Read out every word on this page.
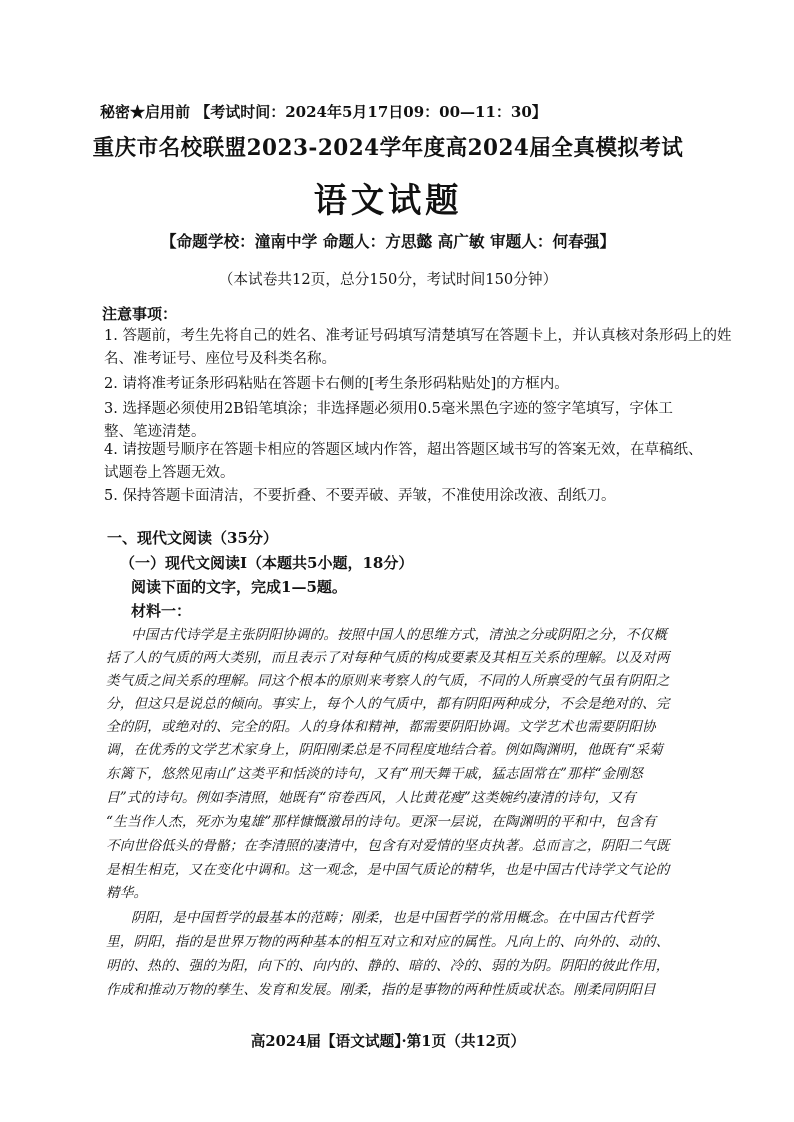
秘密★启用前 【考试时间：2024年5月17日09：00—11：30】

重庆市名校联盟2023-2024学年度高2024届全真模拟考试

语文试题

【命题学校：潼南中学 命题人：方思懿 高广敏 审题人：何春强】

（本试卷共12页，总分150分，考试时间150分钟）

注意事项：

1. 答题前，考生先将自己的姓名、准考证号码填写清楚填写在答题卡上，并认真核对条形码上的姓

名、准考证号、座位号及科类名称。

2. 请将准考证条形码粘贴在答题卡右侧的[考生条形码粘贴处]的方框内。

3. 选择题必须使用2B铅笔填涂；非选择题必须用0.5毫米黑色字迹的签字笔填写，字体工

整、笔迹清楚。

4. 请按题号顺序在答题卡相应的答题区域内作答，超出答题区域书写的答案无效，在草稿纸、

试题卷上答题无效。

5. 保持答题卡面清洁，不要折叠、不要弄破、弄皱，不准使用涂改液、刮纸刀。

一、现代文阅读（35分）

（一）现代文阅读Ⅰ（本题共5小题，18分）

阅读下面的文字，完成1—5题。

材料一：

中国古代诗学是主张阴阳协调的。按照中国人的思维方式，清浊之分或阴阳之分，不仅概

括了人的气质的两大类别，而且表示了对每种气质的构成要素及其相互关系的理解。以及对两

类气质之间关系的理解。同这个根本的原则来考察人的气质，不同的人所禀受的气虽有阴阳之

分，但这只是说总的倾向。事实上，每个人的气质中，都有阴阳两种成分，不会是绝对的、完

全的阴，或绝对的、完全的阳。人的身体和精神，都需要阴阳协调。文学艺术也需要阴阳协

调，在优秀的文学艺术家身上，阴阳刚柔总是不同程度地结合着。例如陶渊明，他既有“采菊

东篱下，悠然见南山”这类平和恬淡的诗句，又有“刑天舞干戚，猛志固常在”那样“金刚怒

目”式的诗句。例如李清照，她既有“帘卷西风，人比黄花瘦”这类婉约凄清的诗句，又有

“生当作人杰，死亦为鬼雄”那样慷慨激昂的诗句。更深一层说，在陶渊明的平和中，包含有

不向世俗低头的骨骼；在李清照的凄清中，包含有对爱情的坚贞执著。总而言之，阴阳二气既

是相生相克，又在变化中调和。这一观念，是中国气质论的精华，也是中国古代诗学文气论的

精华。

阴阳，是中国哲学的最基本的范畴；刚柔，也是中国哲学的常用概念。在中国古代哲学

里，阴阳，指的是世界万物的两种基本的相互对立和对应的属性。凡向上的、向外的、动的、

明的、热的、强的为阳，向下的、向内的、静的、暗的、冷的、弱的为阴。阴阳的彼此作用，

作成和推动万物的孳生、发育和发展。刚柔，指的是事物的两种性质或状态。刚柔同阴阳目

高2024届【语文试题】·第1页（共12页）
